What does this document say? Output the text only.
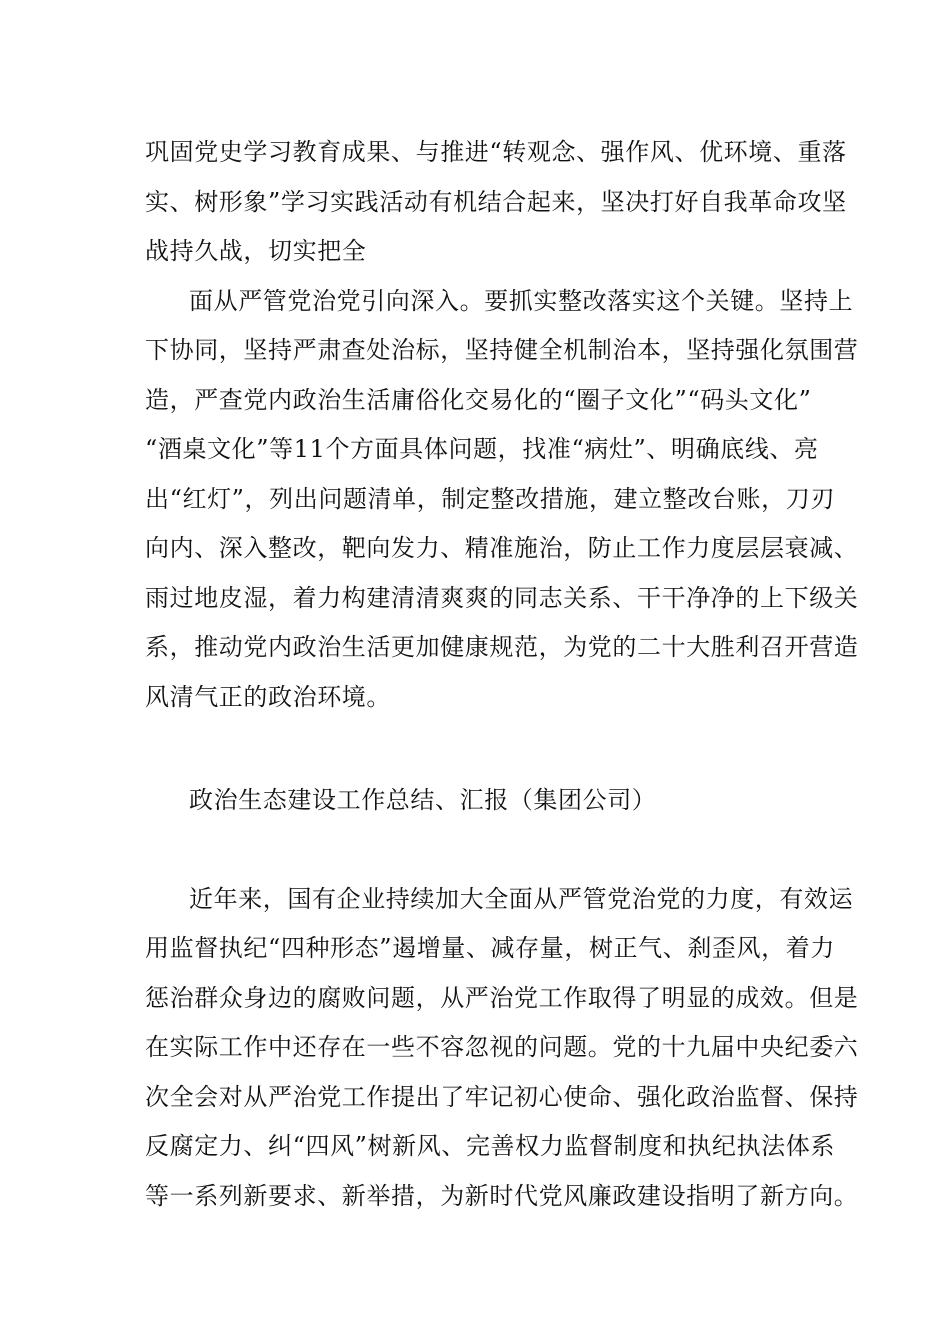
巩固党史学习教育成果、与推进“转观念、强作风、优环境、重落
实、树形象”学习实践活动有机结合起来，坚决打好自我革命攻坚
战持久战，切实把全
面从严管党治党引向深入。要抓实整改落实这个关键。坚持上
下协同，坚持严肃查处治标，坚持健全机制治本，坚持强化氛围营
造，严查党内政治生活庸俗化交易化的“圈子文化”“码头文化”
“酒桌文化”等11个方面具体问题，找准“病灶”、明确底线、亮
出“红灯”，列出问题清单，制定整改措施，建立整改台账，刀刃
向内、深入整改，靶向发力、精准施治，防止工作力度层层衰减、
雨过地皮湿，着力构建清清爽爽的同志关系、干干净净的上下级关
系，推动党内政治生活更加健康规范，为党的二十大胜利召开营造
风清气正的政治环境。
政治生态建设工作总结、汇报（集团公司）
近年来，国有企业持续加大全面从严管党治党的力度，有效运
用监督执纪“四种形态”遏增量、减存量，树正气、刹歪风，着力
惩治群众身边的腐败问题，从严治党工作取得了明显的成效。但是
在实际工作中还存在一些不容忽视的问题。党的十九届中央纪委六
次全会对从严治党工作提出了牢记初心使命、强化政治监督、保持
反腐定力、纠“四风”树新风、完善权力监督制度和执纪执法体系
等一系列新要求、新举措，为新时代党风廉政建设指明了新方向。
